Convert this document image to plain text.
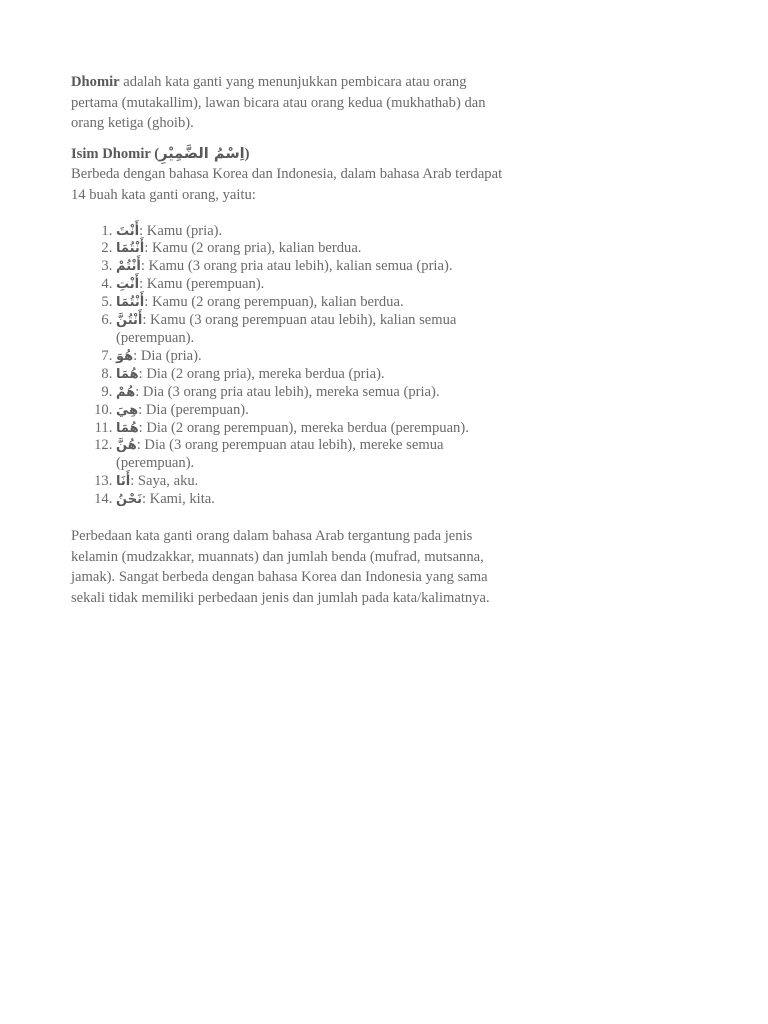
Dhomir adalah kata ganti yang menunjukkan pembicara atau orang pertama (mutakallim), lawan bicara atau orang kedua (mukhathab) dan orang ketiga (ghoib).

Isim Dhomir (اِسْمُ الضَّمِيْرِ)

Berbeda dengan bahasa Korea dan Indonesia, dalam bahasa Arab terdapat 14 buah kata ganti orang, yaitu:

1. أَنْتَ: Kamu (pria).
2. أَنْتُمَا: Kamu (2 orang pria), kalian berdua.
3. أَنْتُمْ: Kamu (3 orang pria atau lebih), kalian semua (pria).
4. أَنْتِ: Kamu (perempuan).
5. أَنْتُمَا: Kamu (2 orang perempuan), kalian berdua.
6. أَنْتُنَّ: Kamu (3 orang perempuan atau lebih), kalian semua (perempuan).
7. هُوَ: Dia (pria).
8. هُمَا: Dia (2 orang pria), mereka berdua (pria).
9. هُمْ: Dia (3 orang pria atau lebih), mereka semua (pria).
10. هِيَ: Dia (perempuan).
11. هُمَا: Dia (2 orang perempuan), mereka berdua (perempuan).
12. هُنَّ: Dia (3 orang perempuan atau lebih), mereke semua (perempuan).
13. أَنَا: Saya, aku.
14. نَحْنُ: Kami, kita.

Perbedaan kata ganti orang dalam bahasa Arab tergantung pada jenis kelamin (mudzakkar, muannats) dan jumlah benda (mufrad, mutsanna, jamak). Sangat berbeda dengan bahasa Korea dan Indonesia yang sama sekali tidak memiliki perbedaan jenis dan jumlah pada kata/kalimatnya.
